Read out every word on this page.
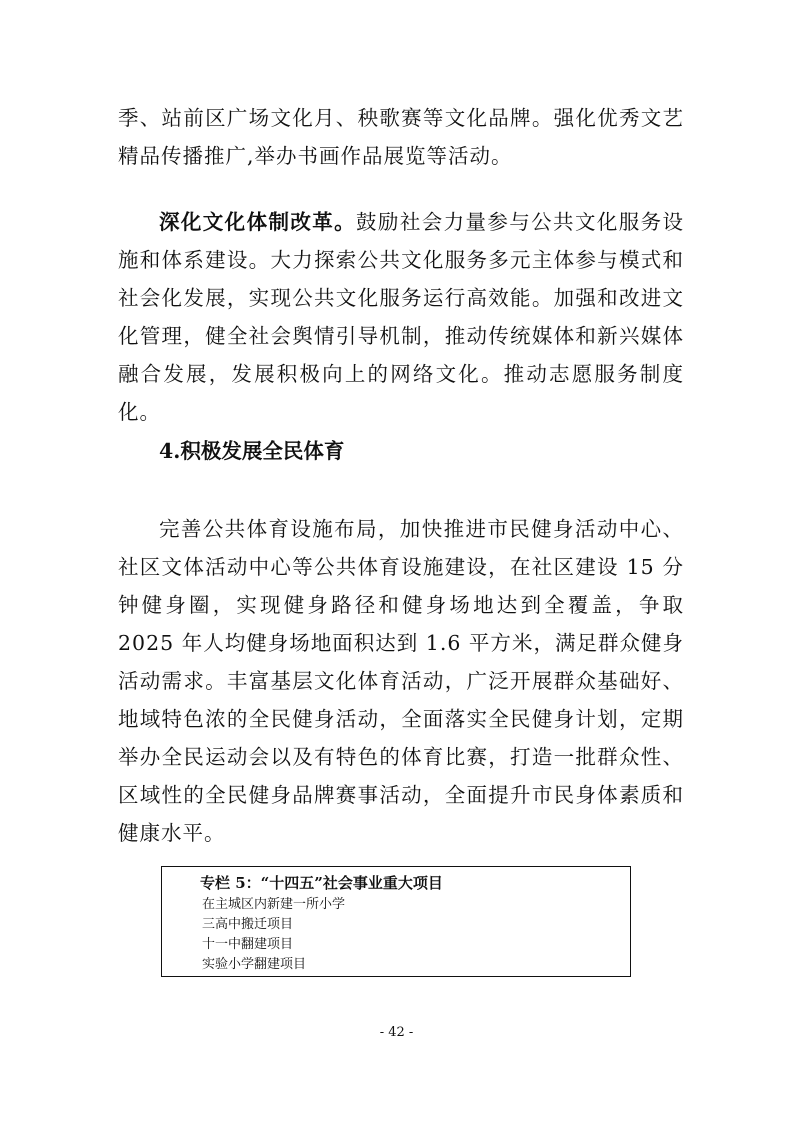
季、站前区广场文化月、秧歌赛等文化品牌。强化优秀文艺精品传播推广,举办书画作品展览等活动。

深化文化体制改革。鼓励社会力量参与公共文化服务设施和体系建设。大力探索公共文化服务多元主体参与模式和社会化发展，实现公共文化服务运行高效能。加强和改进文化管理，健全社会舆情引导机制，推动传统媒体和新兴媒体融合发展，发展积极向上的网络文化。推动志愿服务制度化。

4.积极发展全民体育

完善公共体育设施布局，加快推进市民健身活动中心、社区文体活动中心等公共体育设施建设，在社区建设 15 分钟健身圈，实现健身路径和健身场地达到全覆盖，争取 2025 年人均健身场地面积达到 1.6 平方米，满足群众健身活动需求。丰富基层文化体育活动，广泛开展群众基础好、地域特色浓的全民健身活动，全面落实全民健身计划，定期举办全民运动会以及有特色的体育比赛，打造一批群众性、区域性的全民健身品牌赛事活动，全面提升市民身体素质和健康水平。

专栏 5：“十四五”社会事业重大项目

在主城区内新建一所小学

三高中搬迁项目

十一中翻建项目

实验小学翻建项目

- 42 -
